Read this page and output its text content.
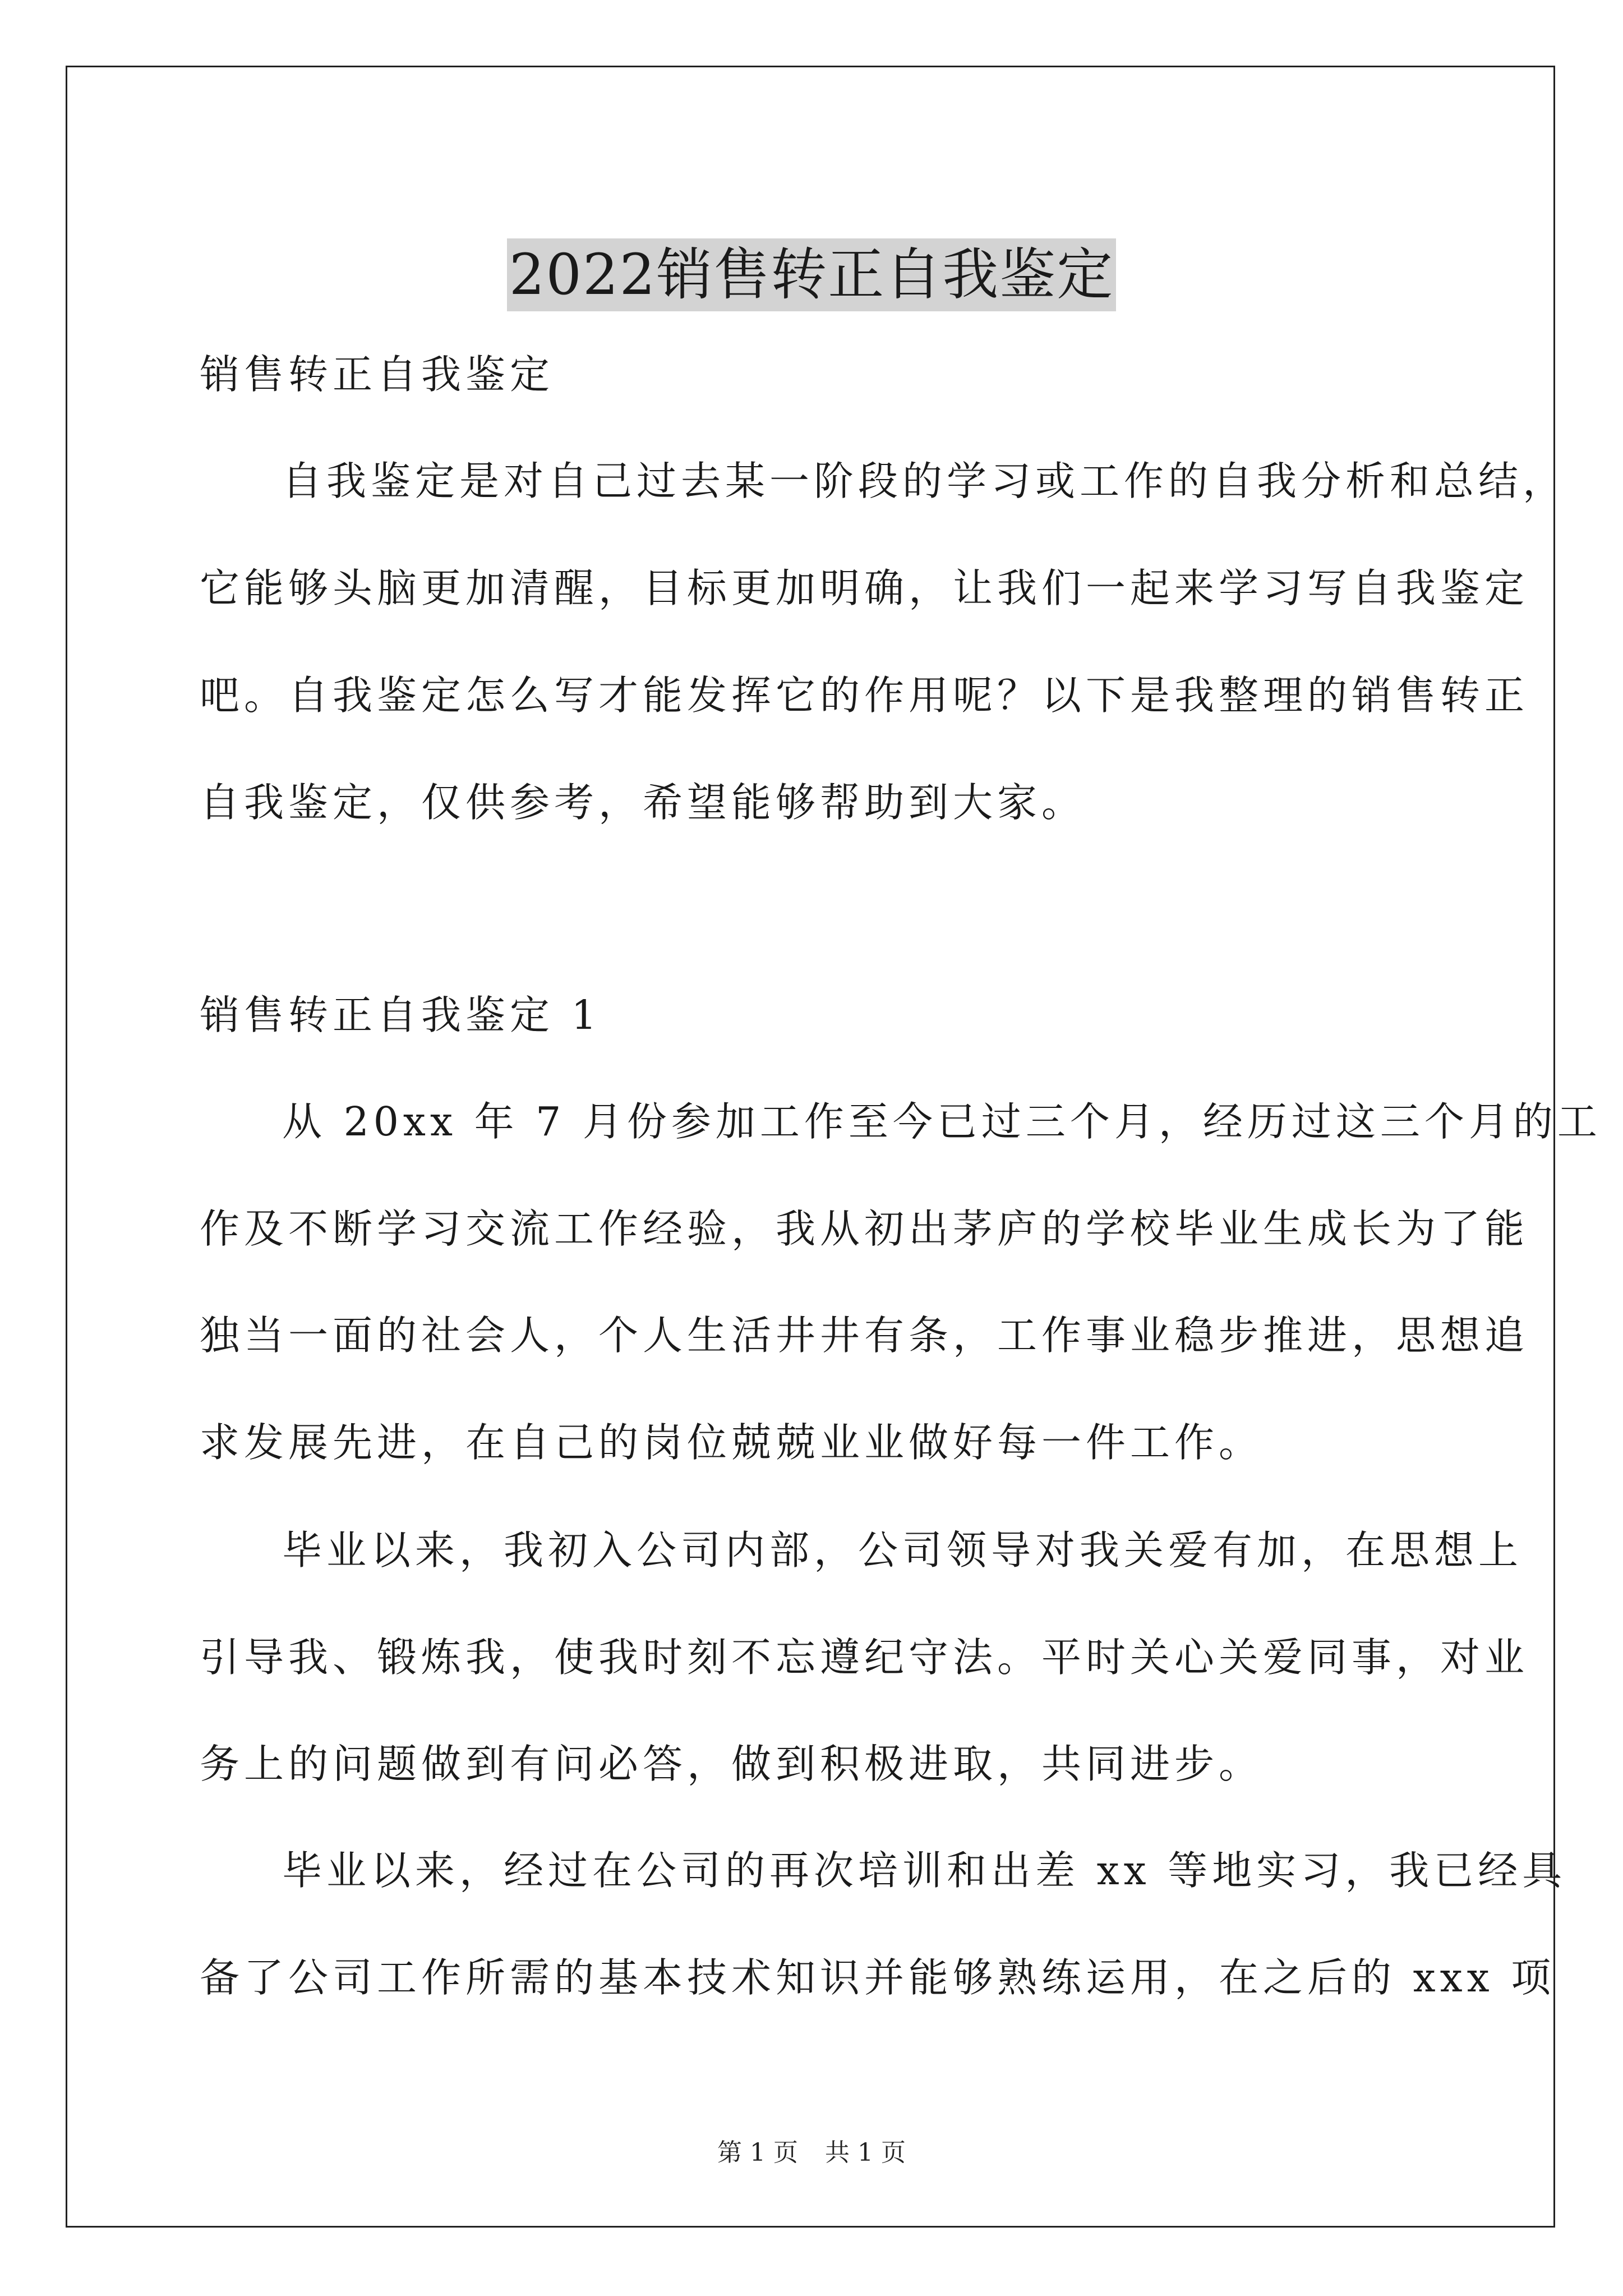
2022销售转正自我鉴定
销售转正自我鉴定
自我鉴定是对自己过去某一阶段的学习或工作的自我分析和总结，
它能够头脑更加清醒，目标更加明确，让我们一起来学习写自我鉴定
吧。自我鉴定怎么写才能发挥它的作用呢？以下是我整理的销售转正
自我鉴定，仅供参考，希望能够帮助到大家。
销售转正自我鉴定 1
从 20xx 年 7 月份参加工作至今已过三个月，经历过这三个月的工
作及不断学习交流工作经验，我从初出茅庐的学校毕业生成长为了能
独当一面的社会人，个人生活井井有条，工作事业稳步推进，思想追
求发展先进，在自己的岗位兢兢业业做好每一件工作。
毕业以来，我初入公司内部，公司领导对我关爱有加，在思想上
引导我、锻炼我，使我时刻不忘遵纪守法。平时关心关爱同事，对业
务上的问题做到有问必答，做到积极进取，共同进步。
毕业以来，经过在公司的再次培训和出差 xx 等地实习，我已经具
备了公司工作所需的基本技术知识并能够熟练运用，在之后的 xxx 项
第 1 页 共 1 页
